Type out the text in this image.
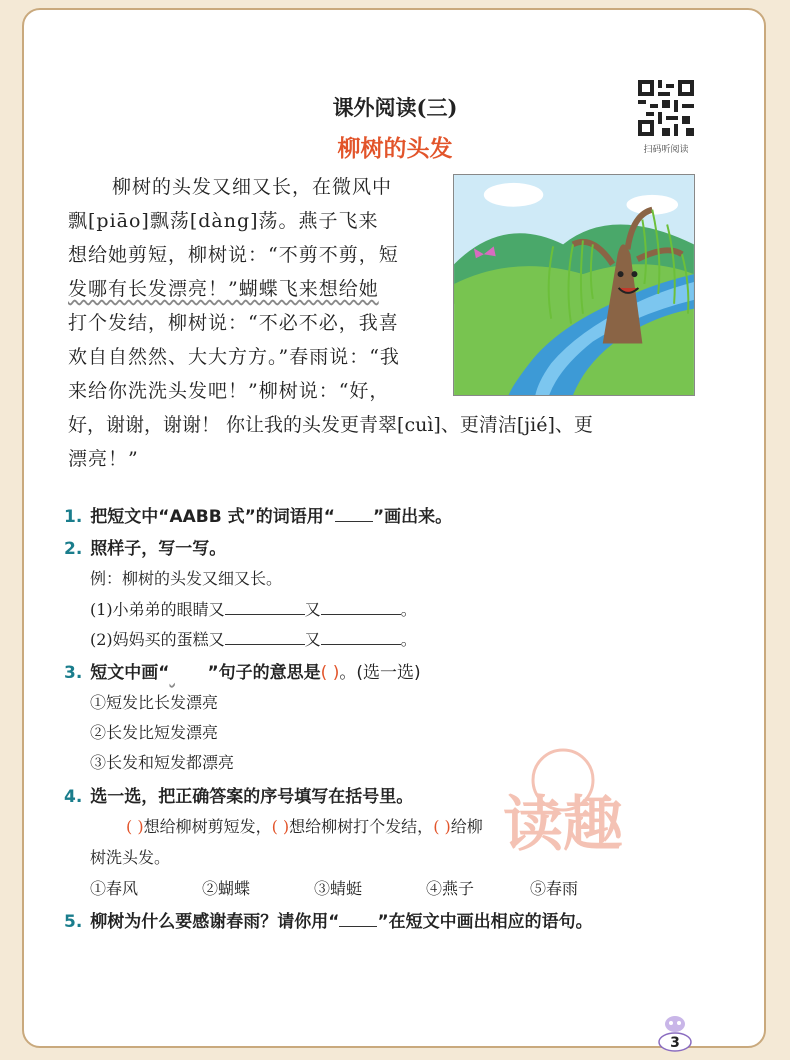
课外阅读(三)
柳树的头发	扫码听阅读
柳树的头发又细又长，在微风中
飘[piāo]飘荡[dàng]荡。燕子飞来
想给她剪短，柳树说：“不剪不剪，短
发哪有长发漂亮！”蝴蝶飞来想给她
打个发结，柳树说：“不必不必，我喜
欢自自然然、大大方方。”春雨说：“我
来给你洗洗头发吧！”柳树说：“好，
好，谢谢，谢谢！ 你让我的头发更青翠[cuì]、更清洁[jié]、更
漂亮！”
1. 把短文中“AABB 式”的词语用“ ”画出来。
2. 照样子，写一写。
例：柳树的头发又细又长。
(1)小弟弟的眼睛又	又	。
(2)妈妈买的蛋糕又	又	。
3. 短文中画“ ”句子的意思是( )。(选一选)
①短发比长发漂亮
②长发比短发漂亮
③长发和短发都漂亮
4. 选一选，把正确答案的序号填写在括号里。
( )想给柳树剪短发，( )想给柳树打个发结，( )给柳
树洗头发。
①春风	②蝴蝶	③蜻蜓	④燕子	⑤春雨
5. 柳树为什么要感谢春雨？请你用“ ”在短文中画出相应的语句。
读趣
3
